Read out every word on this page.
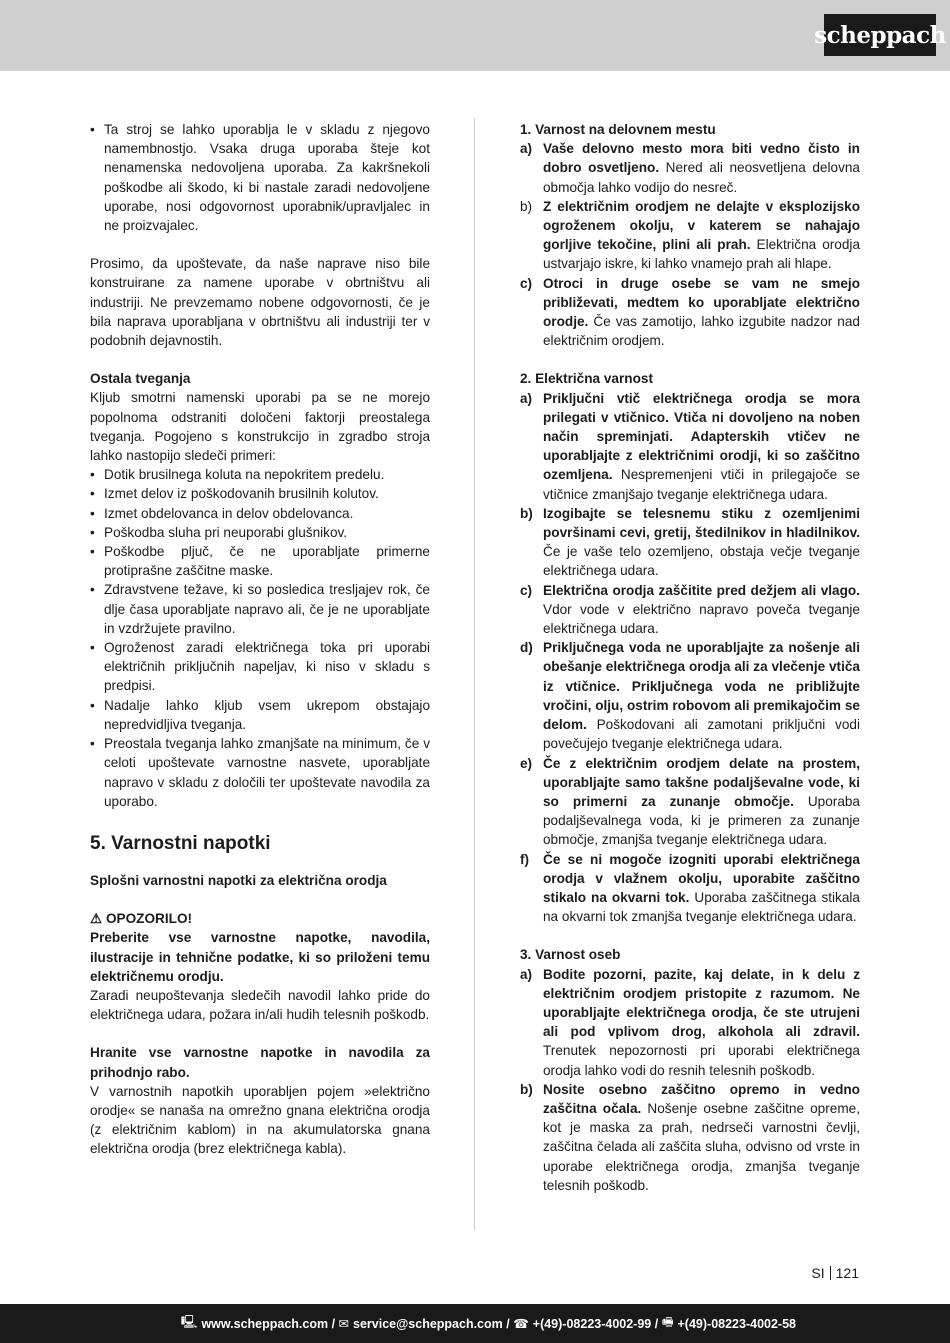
scheppach
• Ta stroj se lahko uporablja le v skladu z njegovo namembnostjo. Vsaka druga uporaba šteje kot nenamenska nedovoljena uporaba. Za kakršnekoli poškodbe ali škodo, ki bi nastale zaradi nedovoljene uporabe, nosi odgovornost uporabnik/upravljalec in ne proizvajalec.

Prosimo, da upoštevate, da naše naprave niso bile konstruirane za namene uporabe v obrtništvu ali industriji. Ne prevzemamo nobene odgovornosti, če je bila naprava uporabljana v obrtništvu ali industriji ter v podobnih dejavnostih.

Ostala tveganja

Kljub smotrni namenski uporabi pa se ne morejo popolnoma odstraniti določeni faktorji preostalega tveganja. Pogojeno s konstrukcijo in zgradbo stroja lahko nastopijo sledeči primeri:

• Dotik brusilnega koluta na nepokritem predelu.
• Izmet delov iz poškodovanih brusilnih kolutov.
• Izmet obdelovanca in delov obdelovanca.
• Poškodba sluha pri neuporabi glušnikov.
• Poškodbe pljuč, če ne uporabljate primerne protiprašne zaščitne maske.
• Zdravstvene težave, ki so posledica tresljajev rok, če dlje časa uporabljate napravo ali, če je ne uporabljate in vzdržujete pravilno.
• Ogroženost zaradi električnega toka pri uporabi električnih priključnih napeljav, ki niso v skladu s predpisi.
• Nadalje lahko kljub vsem ukrepom obstajajo nepredvidljiva tveganja.
• Preostala tveganja lahko zmanjšate na minimum, če v celoti upoštevate varnostne nasvete, uporabljate napravo v skladu z določili ter upoštevate navodila za uporabo.
5. Varnostni napotki
Splošni varnostni napotki za električna orodja
⚠ OPOZORILO!

Preberite vse varnostne napotke, navodila, ilustracije in tehnične podatke, ki so priloženi temu električnemu orodju.

Zaradi neupoštevanja sledečih navodil lahko pride do električnega udara, požara in/ali hudih telesnih poškodb.

Hranite vse varnostne napotke in navodila za prihodnjo rabo.

V varnostnih napotkih uporabljen pojem »električno orodje« se nanaša na omrežno gnana električna orodja (z električnim kablom) in na akumulatorska gnana električna orodja (brez električnega kabla).

1. Varnost na delovnem mestu
a) Vaše delovno mesto mora biti vedno čisto in dobro osvetljeno. Nered ali neosvetljena delovna območja lahko vodijo do nesreč.
b) Z električnim orodjem ne delajte v eksplozijsko ogroženem okolju, v katerem se nahajajo gorljive tekočine, plini ali prah. Električna orodja ustvarjajo iskre, ki lahko vnamejo prah ali hlape.
c) Otroci in druge osebe se vam ne smejo približevati, medtem ko uporabljate električno orodje. Če vas zamotijo, lahko izgubite nadzor nad električnim orodjem.
2. Električna varnost
a) Priključni vtič električnega orodja se mora prilegati v vtičnico. Vtiča ni dovoljeno na noben način spreminjati. Adapterskih vtičev ne uporabljajte z električnimi orodji, ki so zaščitno ozemljena. Nespremenjeni vtiči in prilegajoče se vtičnice zmanjšajo tveganje električnega udara.
b) Izogibajte se telesnemu stiku z ozemljenimi površinami cevi, gretij, štedilnikov in hladilnikov. Če je vaše telo ozemljeno, obstaja večje tveganje električnega udara.
c) Električna orodja zaščitite pred dežjem ali vlago. Vdor vode v električno napravo poveča tveganje električnega udara.
d) Priključnega voda ne uporabljajte za nošenje ali obešanje električnega orodja ali za vlečenje vtiča iz vtičnice. Priključnega voda ne približujte vročini, olju, ostrim robovom ali premikajočim se delom. Poškodovani ali zamotani priključni vodi povečujejo tveganje električnega udara.
e) Če z električnim orodjem delate na prostem, uporabljajte samo takšne podaljševalne vode, ki so primerni za zunanje območje. Uporaba podaljševalnega voda, ki je primeren za zunanje območje, zmanjša tveganje električnega udara.
f) Če se ni mogoče izogniti uporabi električnega orodja v vlažnem okolju, uporabite zaščitno stikalo na okvarni tok. Uporaba zaščitnega stikala na okvarni tok zmanjša tveganje električnega udara.
3. Varnost oseb
a) Bodite pozorni, pazite, kaj delate, in k delu z električnim orodjem pristopite z razumom. Ne uporabljajte električnega orodja, če ste utrujeni ali pod vplivom drog, alkohola ali zdravil. Trenutek nepozornosti pri uporabi električnega orodja lahko vodi do resnih telesnih poškodb.
b) Nosite osebno zaščitno opremo in vedno zaščitna očala. Nošenje osebne zaščitne opreme, kot je maska za prah, nedrseči varnostni čevlji, zaščitna čelada ali zaščita sluha, odvisno od vrste in uporabe električnega orodja, zmanjša tveganje telesnih poškodb.
SI 121
🖳 www.scheppach.com / ✉ service@scheppach.com / ☎ +(49)-08223-4002-99 / 🖷 +(49)-08223-4002-58
